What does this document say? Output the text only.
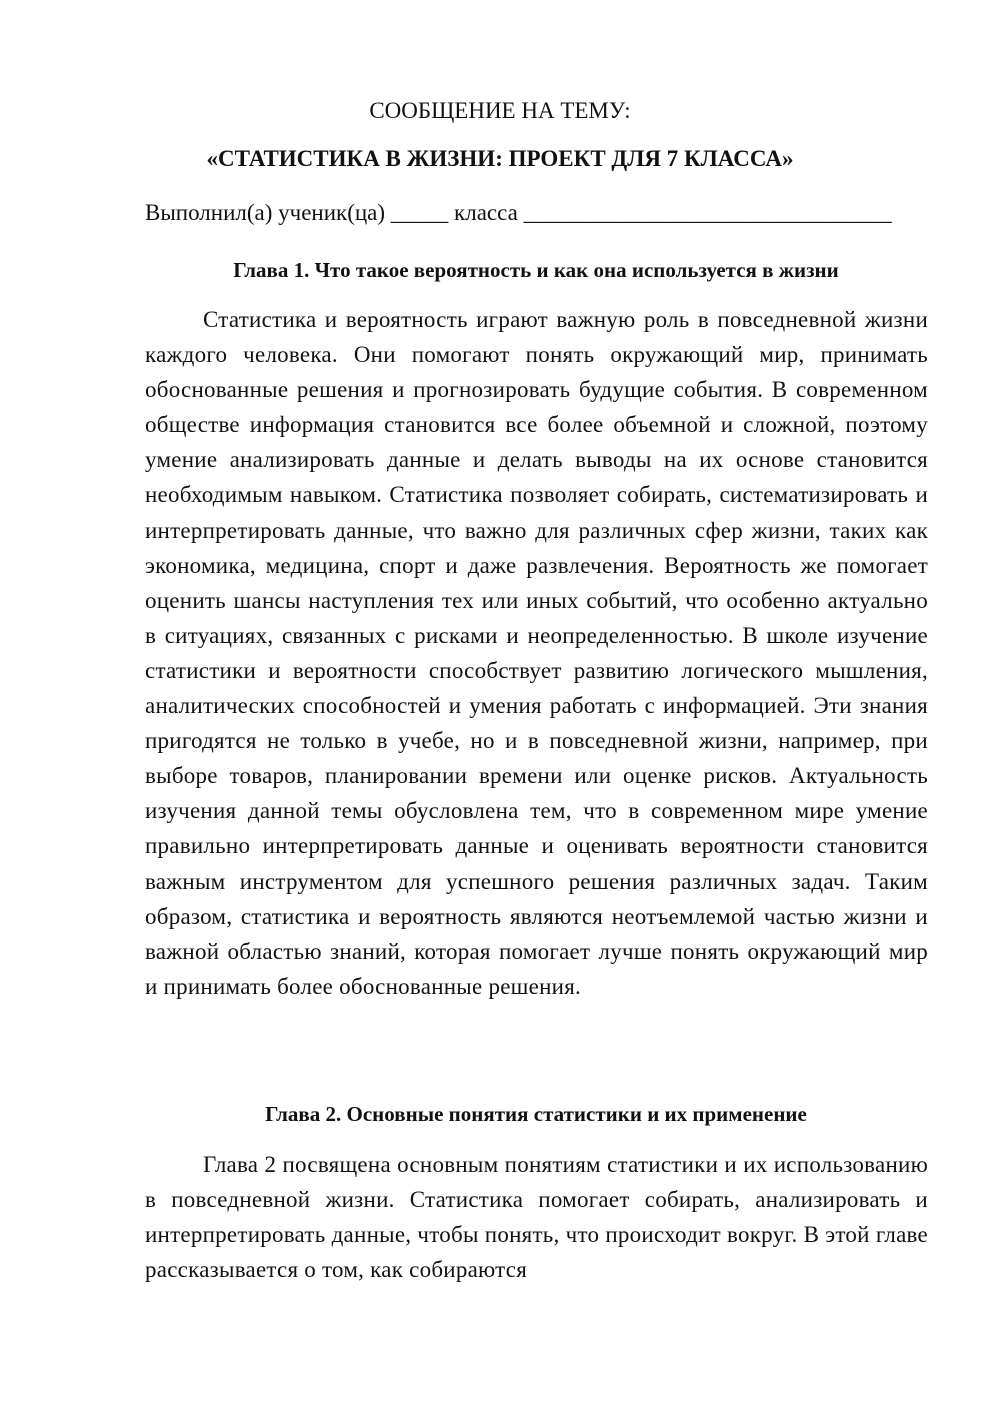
СООБЩЕНИЕ НА ТЕМУ:
«СТАТИСТИКА В ЖИЗНИ: ПРОЕКТ ДЛЯ 7 КЛАССА»
Выполнил(а) ученик(ца) _____ класса ________________________________
Глава 1. Что такое вероятность и как она используется в жизни

Статистика и вероятность играют важную роль в повседневной жизни каждого человека. Они помогают понять окружающий мир, принимать обоснованные решения и прогнозировать будущие события. В современном обществе информация становится все более объемной и сложной, поэтому умение анализировать данные и делать выводы на их основе становится необходимым навыком. Статистика позволяет собирать, систематизировать и интерпретировать данные, что важно для различных сфер жизни, таких как экономика, медицина, спорт и даже развлечения. Вероятность же помогает оценить шансы наступления тех или иных событий, что особенно актуально в ситуациях, связанных с рисками и неопределенностью. В школе изучение статистики и вероятности способствует развитию логического мышления, аналитических способностей и умения работать с информацией. Эти знания пригодятся не только в учебе, но и в повседневной жизни, например, при выборе товаров, планировании времени или оценке рисков. Актуальность изучения данной темы обусловлена тем, что в современном мире умение правильно интерпретировать данные и оценивать вероятности становится важным инструментом для успешного решения различных задач. Таким образом, статистика и вероятность являются неотъемлемой частью жизни и важной областью знаний, которая помогает лучше понять окружающий мир и принимать более обоснованные решения.

Глава 2. Основные понятия статистики и их применение

Глава 2 посвящена основным понятиям статистики и их использованию в повседневной жизни. Статистика помогает собирать, анализировать и интерпретировать данные, чтобы понять, что происходит вокруг. В этой главе рассказывается о том, как собираются
